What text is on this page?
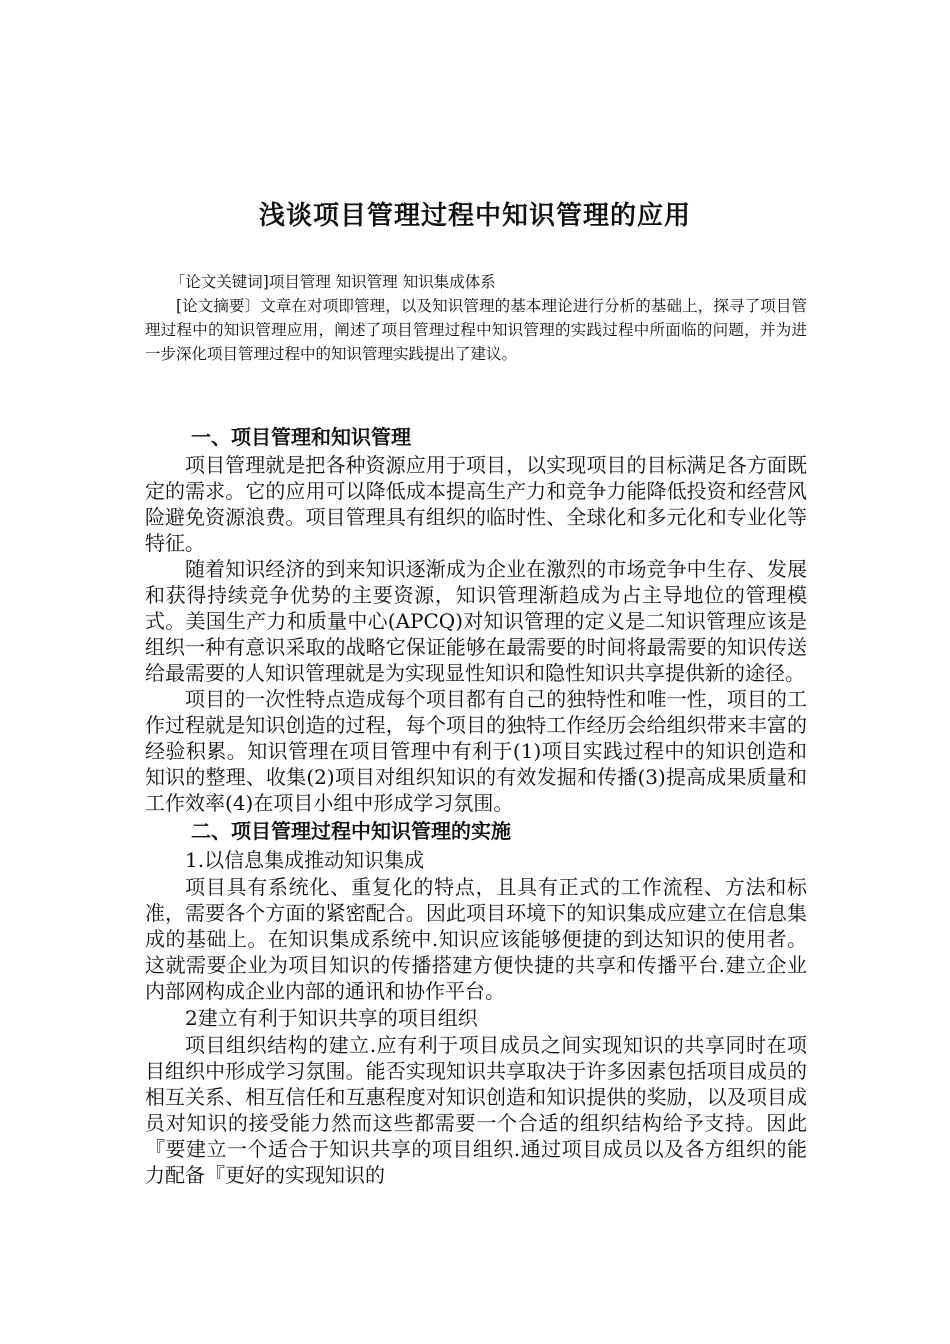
浅谈项目管理过程中知识管理的应用

「论文关键词]项目管理 知识管理 知识集成体系

[论文摘要〕文章在对项即管理，以及知识管理的基本理论进行分析的基础上，探寻了项目管理过程中的知识管理应用，阐述了项目管理过程中知识管理的实践过程中所面临的问题，并为进一步深化项目管理过程中的知识管理实践提出了建议。

一、项目管理和知识管理

项目管理就是把各种资源应用于项目，以实现项目的目标满足各方面既定的需求。它的应用可以降低成本提高生产力和竞争力能降低投资和经营风险避免资源浪费。项目管理具有组织的临时性、全球化和多元化和专业化等特征。

随着知识经济的到来知识逐渐成为企业在激烈的市场竞争中生存、发展和获得持续竞争优势的主要资源，知识管理渐趋成为占主导地位的管理模式。美国生产力和质量中心(APCQ)对知识管理的定义是二知识管理应该是组织一种有意识采取的战略它保证能够在最需要的时间将最需要的知识传送给最需要的人知识管理就是为实现显性知识和隐性知识共享提供新的途径。

项目的一次性特点造成每个项目都有自己的独特性和唯一性，项目的工作过程就是知识创造的过程，每个项目的独特工作经历会给组织带来丰富的经验积累。知识管理在项目管理中有利于(1)项目实践过程中的知识创造和知识的整理、收集(2)项目对组织知识的有效发掘和传播(3)提高成果质量和工作效率(4)在项目小组中形成学习氛围。

二、项目管理过程中知识管理的实施
1.以信息集成推动知识集成

项目具有系统化、重复化的特点，且具有正式的工作流程、方法和标准，需要各个方面的紧密配合。因此项目环境下的知识集成应建立在信息集成的基础上。在知识集成系统中.知识应该能够便捷的到达知识的使用者。这就需要企业为项目知识的传播搭建方便快捷的共享和传播平台.建立企业内部网构成企业内部的通讯和协作平台。

2建立有利于知识共享的项目组织

项目组织结构的建立.应有利于项目成员之间实现知识的共享同时在项目组织中形成学习氛围。能否实现知识共享取决于许多因素包括项目成员的相互关系、相互信任和互惠程度对知识创造和知识提供的奖励，以及项目成员对知识的接受能力然而这些都需要一个合适的组织结构给予支持。因此『要建立一个适合于知识共享的项目组织.通过项目成员以及各方组织的能力配备『更好的实现知识的
